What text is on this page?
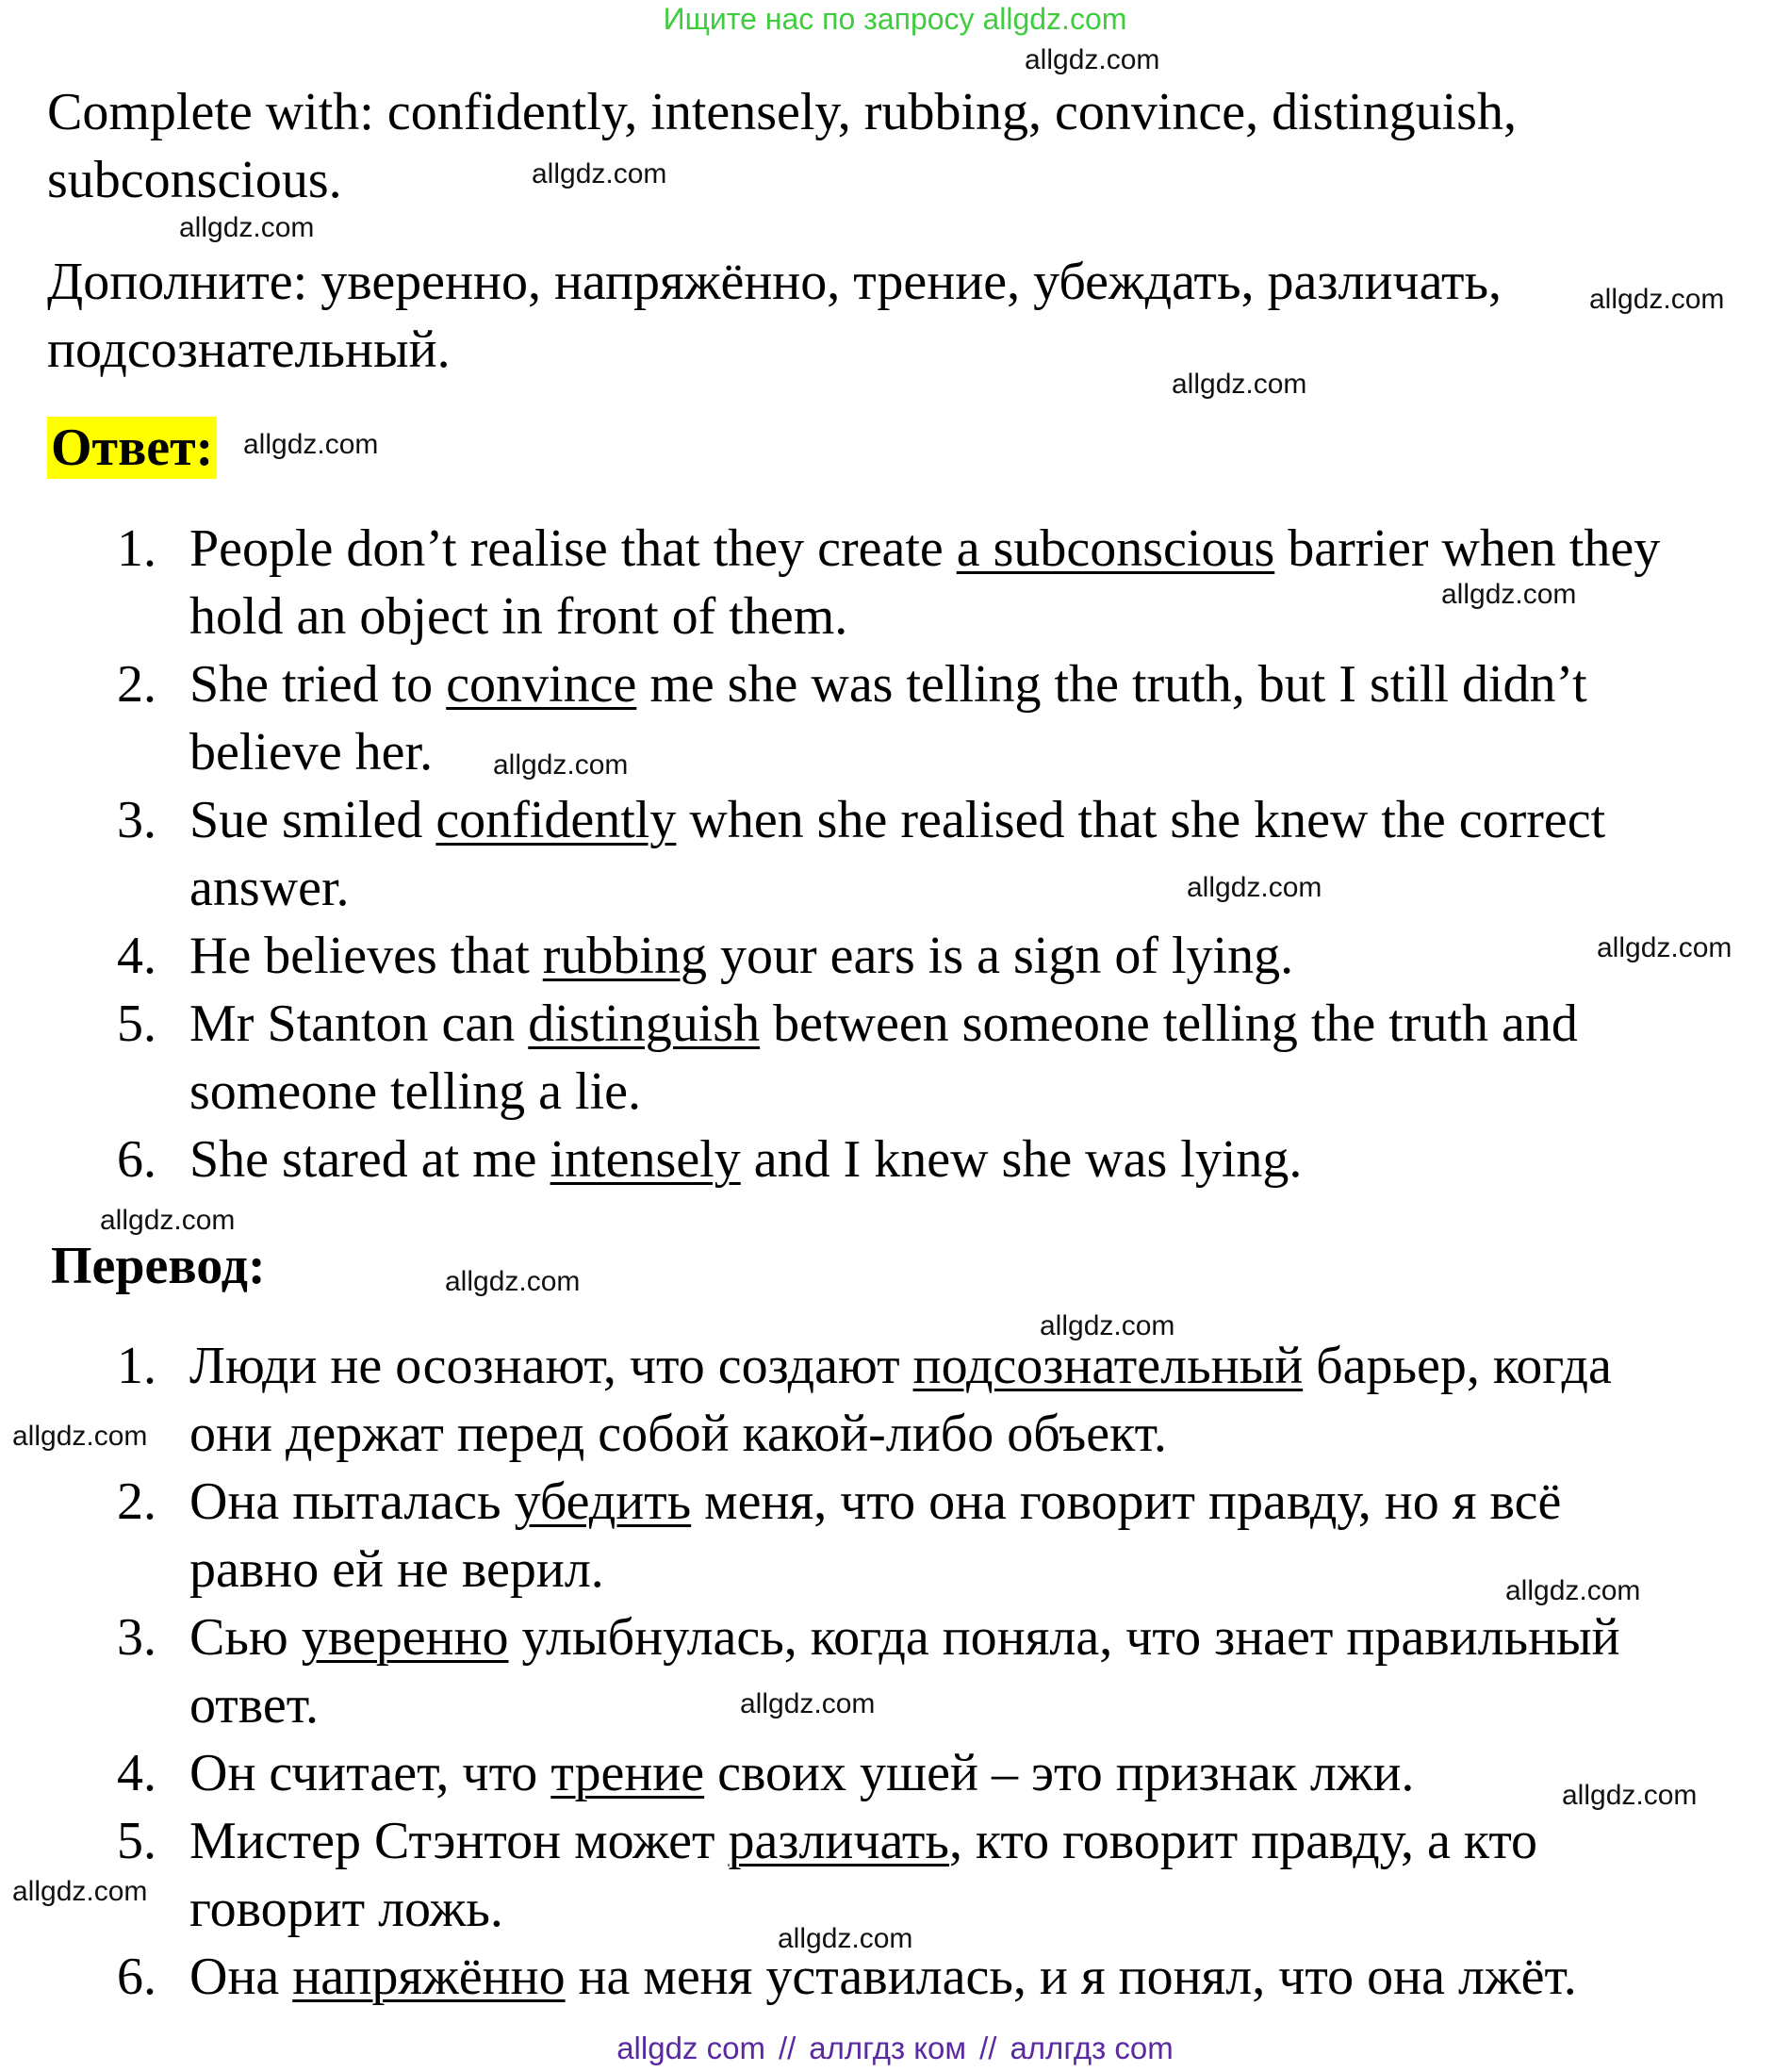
Ищите нас по запросу allgdz.com

Complete with: confidently, intensely, rubbing, convince, distinguish, subconscious.

Дополните: уверенно, напряжённо, трение, убеждать, различать, подсознательный.

Ответ:
1. People don’t realise that they create a subconscious barrier when they hold an object in front of them.
2. She tried to convince me she was telling the truth, but I still didn’t believe her.
3. Sue smiled confidently when she realised that she knew the correct answer.
4. He believes that rubbing your ears is a sign of lying.
5. Mr Stanton can distinguish between someone telling the truth and someone telling a lie.
6. She stared at me intensely and I knew she was lying.
Перевод:
1. Люди не осознают, что создают подсознательный барьер, когда они держат перед собой какой-либо объект.
2. Она пыталась убедить меня, что она говорит правду, но я всё равно ей не верил.
3. Сью уверенно улыбнулась, когда поняла, что знает правильный ответ.
4. Он считает, что трение своих ушей – это признак лжи.
5. Мистер Стэнтон может различать, кто говорит правду, а кто говорит ложь.
6. Она напряжённо на меня уставилась, и я понял, что она лжёт.
allgdz.com
allgdz.com
allgdz.com
allgdz.com
allgdz.com
allgdz.com
allgdz.com
allgdz.com
allgdz.com
allgdz.com
allgdz.com
allgdz.com
allgdz.com
allgdz.com
allgdz.com
allgdz.com
allgdz.com
allgdz.com
allgdz.com
allgdz com // аллгдз ком // аллгдз com
